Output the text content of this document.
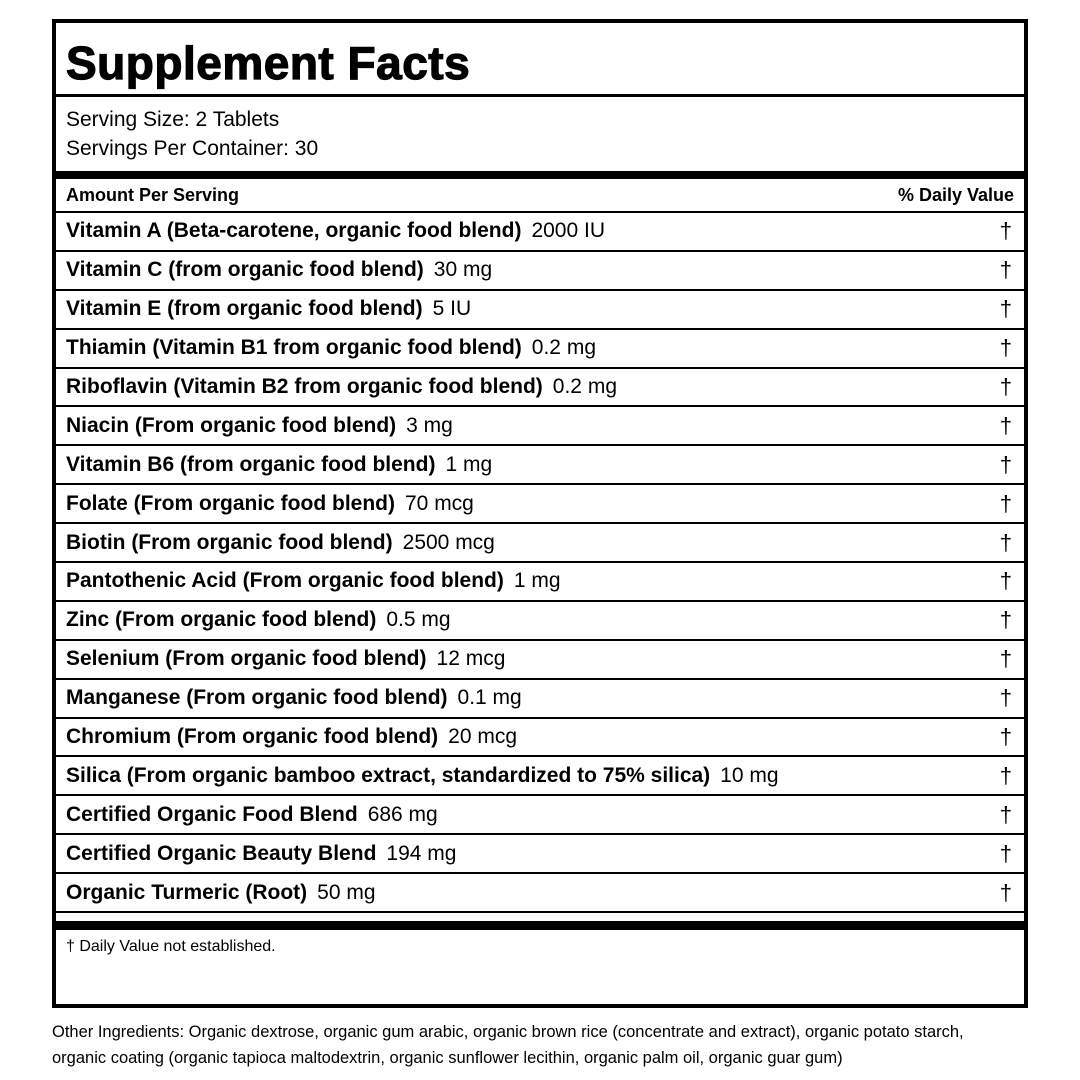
Supplement Facts
Serving Size: 2 Tablets
Servings Per Container: 30
Amount Per Serving	% Daily Value
Vitamin A (Beta-carotene, organic food blend) 2000 IU	†
Vitamin C (from organic food blend) 30 mg	†
Vitamin E (from organic food blend) 5 IU	†
Thiamin (Vitamin B1 from organic food blend) 0.2 mg	†
Riboflavin (Vitamin B2 from organic food blend) 0.2 mg	†
Niacin (From organic food blend) 3 mg	†
Vitamin B6 (from organic food blend) 1 mg	†
Folate (From organic food blend) 70 mcg	†
Biotin (From organic food blend) 2500 mcg	†
Pantothenic Acid (From organic food blend) 1 mg	†
Zinc (From organic food blend) 0.5 mg	†
Selenium (From organic food blend) 12 mcg	†
Manganese (From organic food blend) 0.1 mg	†
Chromium (From organic food blend) 20 mcg	†
Silica (From organic bamboo extract, standardized to 75% silica) 10 mg	†
Certified Organic Food Blend 686 mg	†
Certified Organic Beauty Blend 194 mg	†
Organic Turmeric (Root) 50 mg	†
† Daily Value not established.
Other Ingredients: Organic dextrose, organic gum arabic, organic brown rice (concentrate and extract), organic potato starch, organic coating (organic tapioca maltodextrin, organic sunflower lecithin, organic palm oil, organic guar gum)
